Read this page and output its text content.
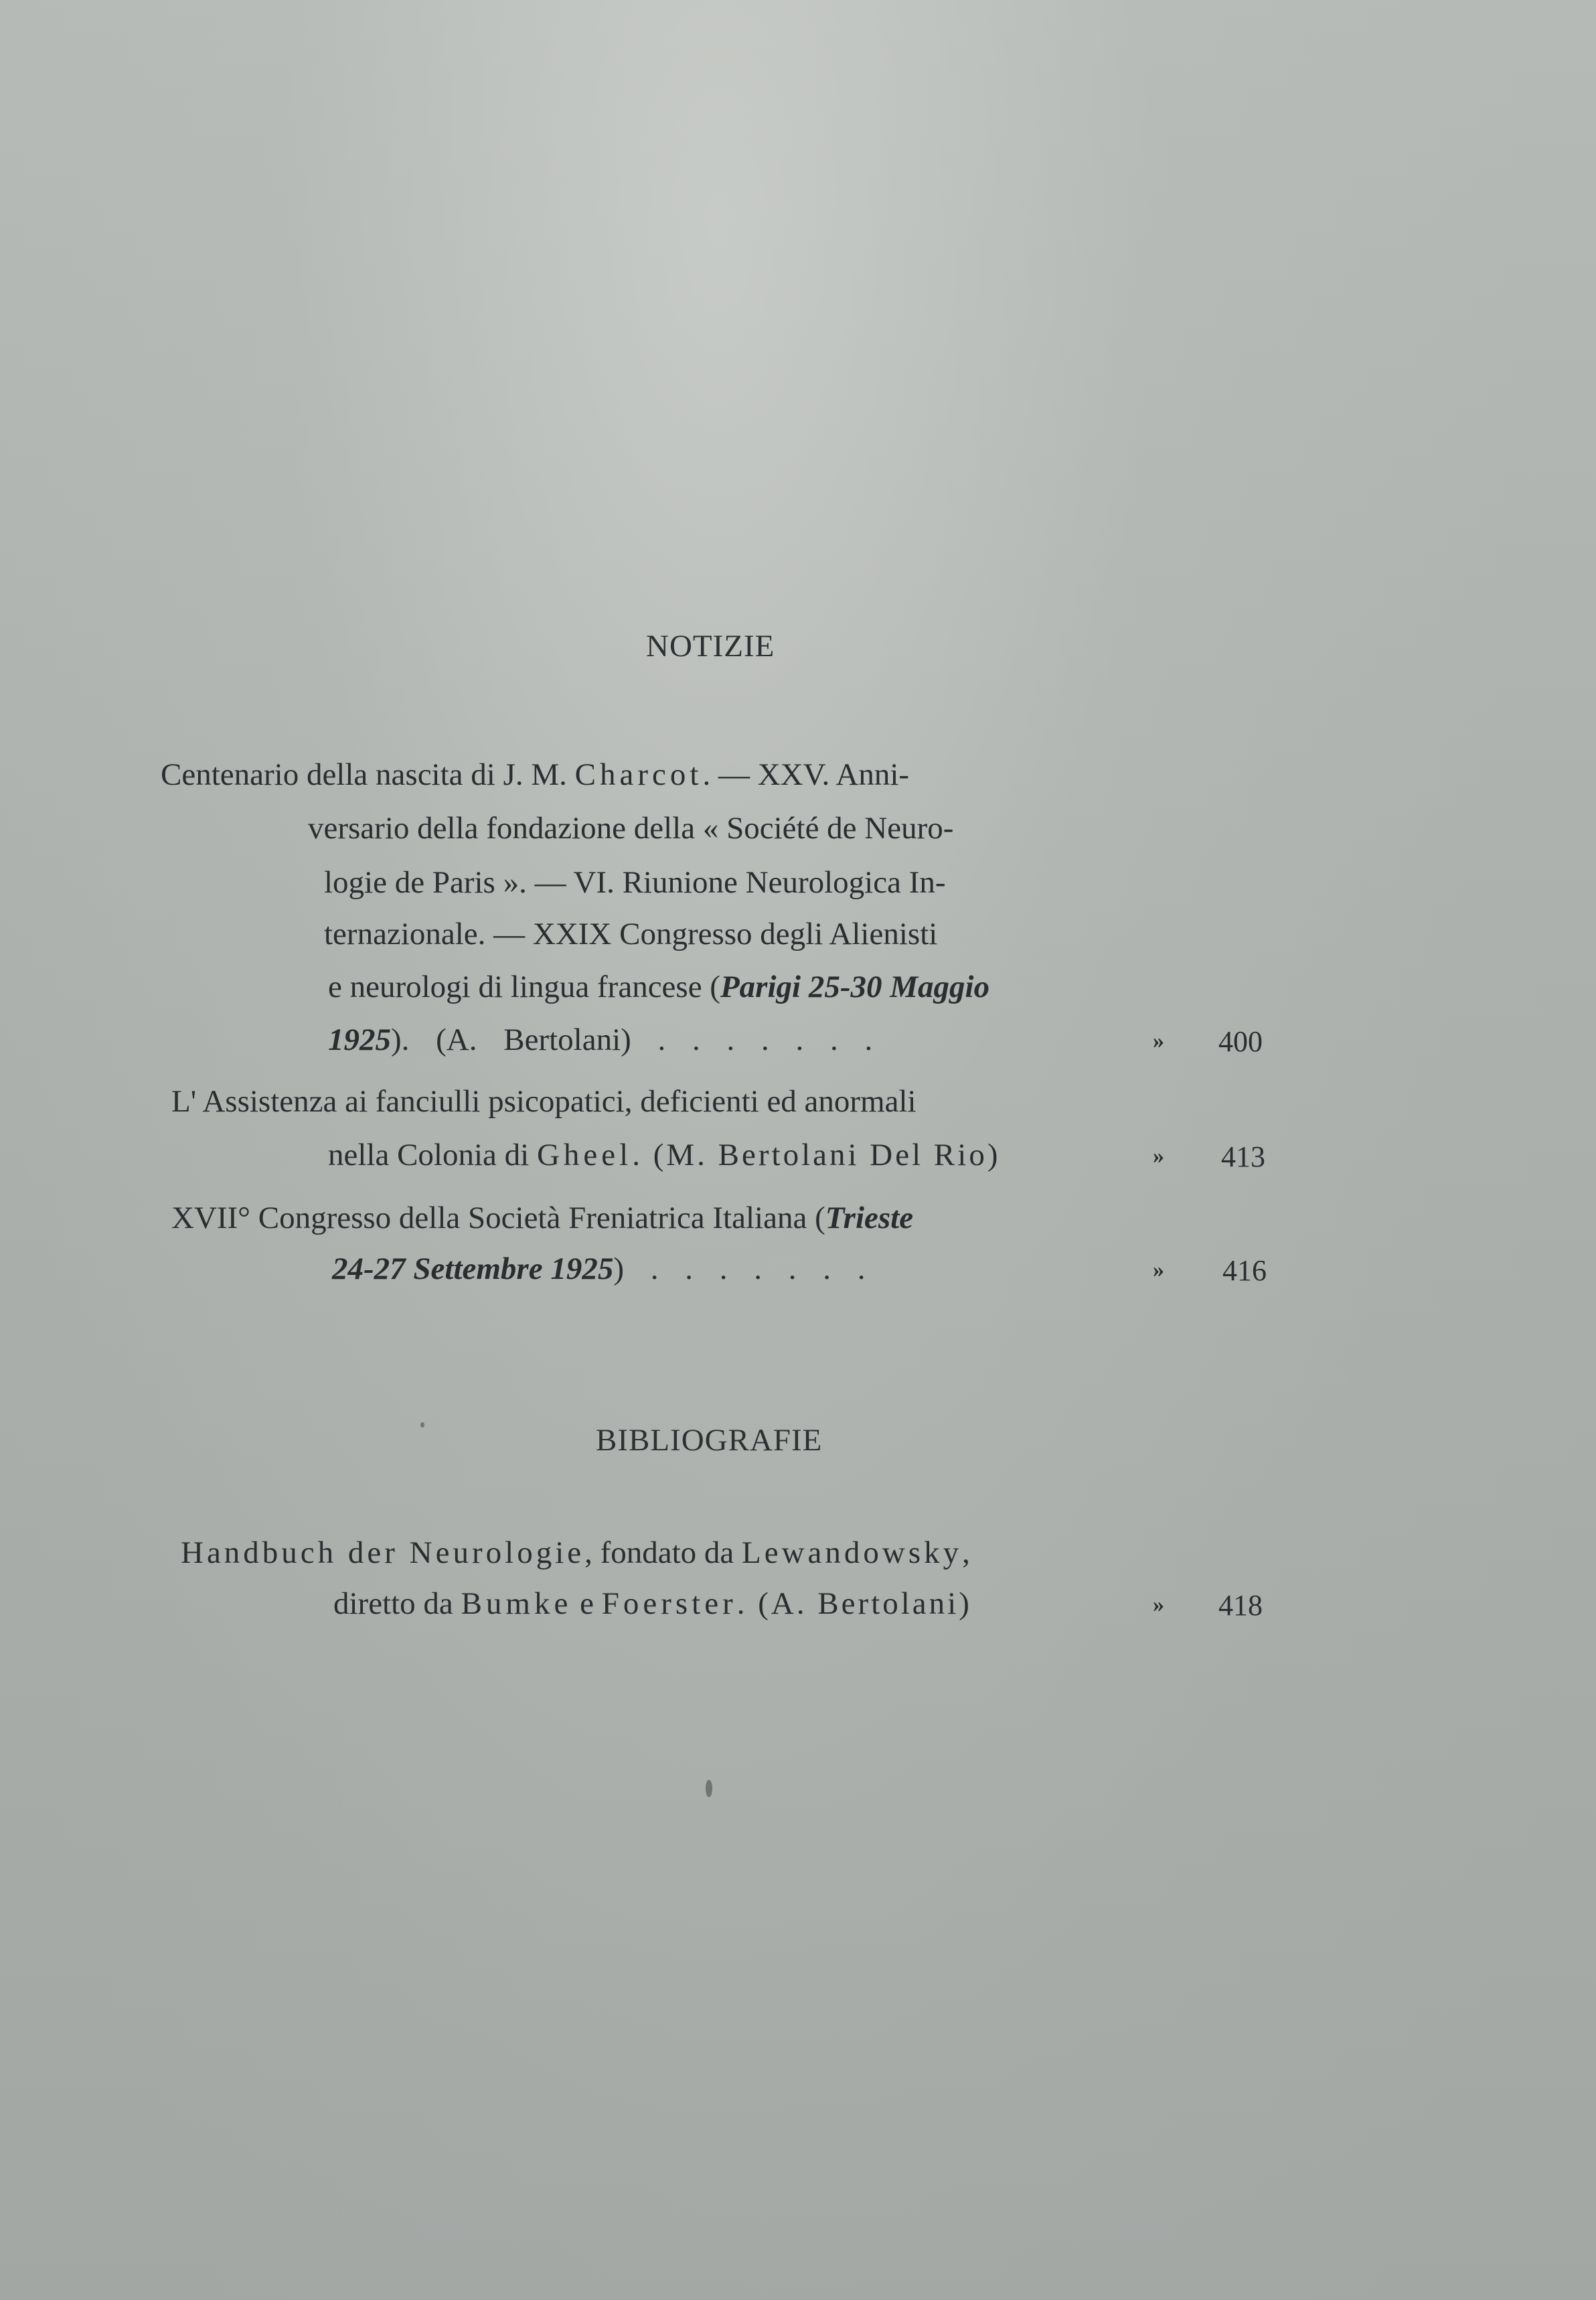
NOTIZIE
Centenario della nascita di J. M. Charcot. — XXV. Anni-
versario della fondazione della « Société de Neuro-
logie de Paris ». — VI. Riunione Neurologica In-
ternazionale. — XXIX Congresso degli Alienisti
e neurologi di lingua francese (Parigi 25-30 Maggio
1925). (A. Bertolani) . . . . . . .	» 400
L' Assistenza ai fanciulli psicopatici, deficienti ed anormali
nella Colonia di Gheel. (M. Bertolani Del Rio)	» 413
XVII° Congresso della Società Freniatrica Italiana (Trieste
24-27 Settembre 1925) . . . . . . .	» 416
BIBLIOGRAFIE
Handbuch der Neurologie, fondato da Lewandowsky,
diretto da Bumke e Foerster. (A. Bertolani)	» 418
